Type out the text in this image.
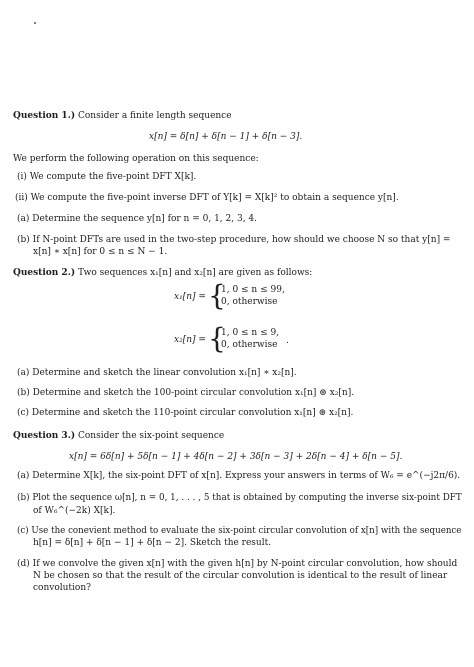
Question 1.) Consider a finite length sequence
x[n] = δ[n] + δ[n − 1] + δ[n − 3].
We perform the following operation on this sequence:
(i) We compute the five-point DFT X[k].
(ii) We compute the five-point inverse DFT of Y[k] = X[k]² to obtain a sequence y[n].
(a) Determine the sequence y[n] for n = 0, 1, 2, 3, 4.
(b) If N-point DFTs are used in the two-step procedure, how should we choose N so that y[n] =
x[n] ∗ x[n] for 0 ≤ n ≤ N − 1.
Question 2.) Two sequences x₁[n] and x₂[n] are given as follows:
x₁[n] = {
1, 0 ≤ n ≤ 99,
0, otherwise
x₂[n] = {
1, 0 ≤ n ≤ 9,
0, otherwise .
(a) Determine and sketch the linear convolution x₁[n] ∗ x₂[n].
(b) Determine and sketch the 100-point circular convolution x₁[n] ⊛ x₂[n].
(c) Determine and sketch the 110-point circular convolution x₁[n] ⊛ x₂[n].
Question 3.) Consider the six-point sequence
x[n] = 6δ[n] + 5δ[n − 1] + 4δ[n − 2] + 3δ[n − 3] + 2δ[n − 4] + δ[n − 5].
(a) Determine X[k], the six-point DFT of x[n]. Express your answers in terms of W₆ = e^(−j2π/6).
(b) Plot the sequence ω[n], n = 0, 1, . . . , 5 that is obtained by computing the inverse six-point DFT
of W₆^(−2k) X[k].
(c) Use the conevient method to evaluate the six-point circular convolution of x[n] with the sequence
h[n] = δ[n] + δ[n − 1] + δ[n − 2]. Sketch the result.
(d) If we convolve the given x[n] with the given h[n] by N-point circular convolution, how should
N be chosen so that the result of the circular convolution is identical to the result of linear
convolution?
